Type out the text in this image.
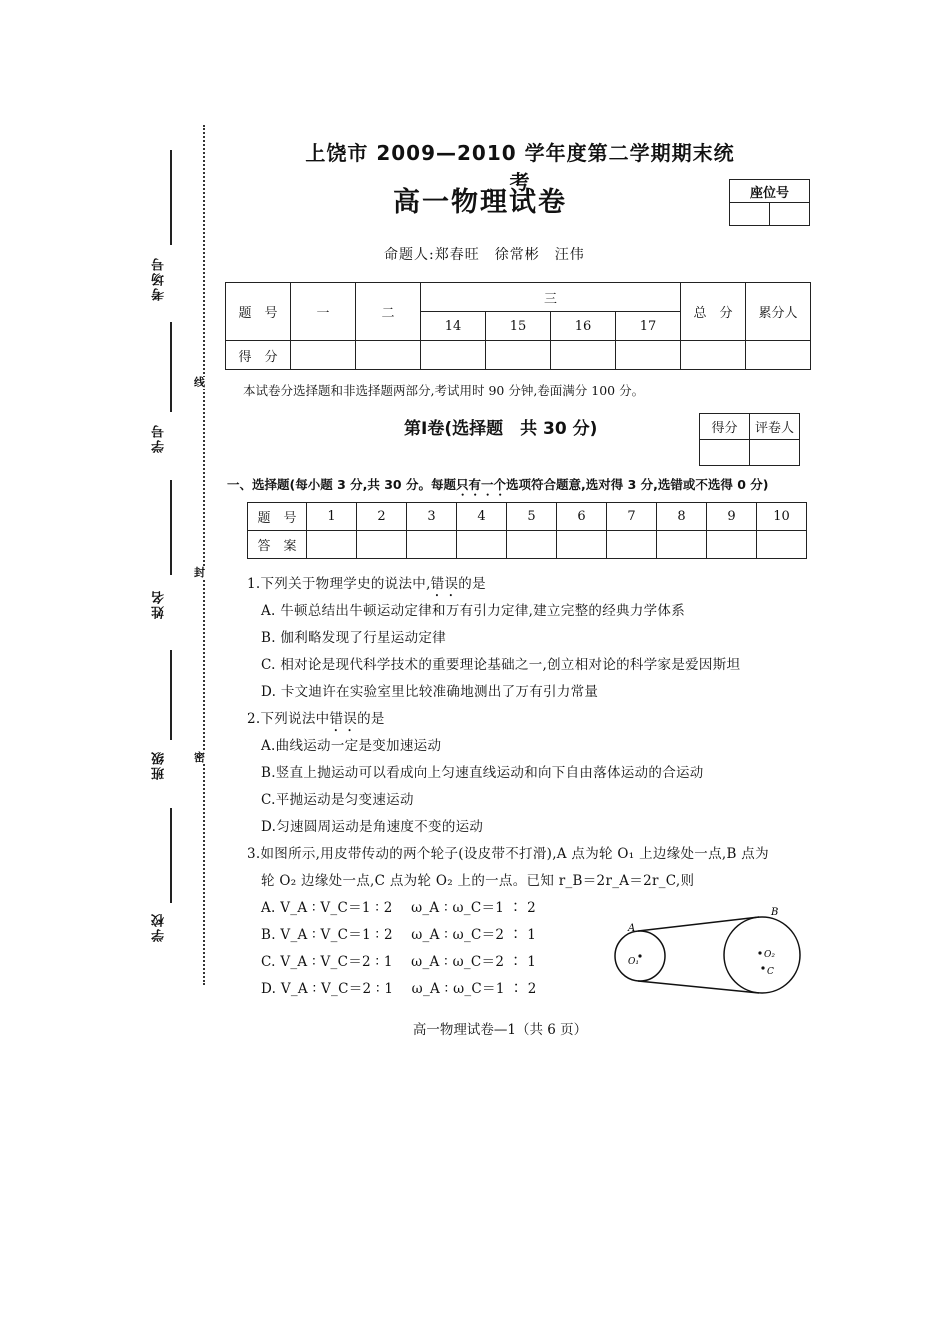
线
封
密
考场号
学号
姓名
班级
学校
上饶市 2009—2010 学年度第二学期期末统考
高一物理试卷	座位号

命题人:郑春旺　徐常彬　汪伟
题　号	一	二	三				总　分	累分人
			14	15	16	17		
得　分								
本试卷分选择题和非选择题两部分,考试用时 90 分钟,卷面满分 100 分。
第Ⅰ卷(选择题　共 30 分)	得分	评卷人

一、选择题(每小题 3 分,共 30 分。每题只有一个选项符合题意,选对得 3 分,选错或不选得 0 分)
题　号	1	2	3	4	5	6	7	8	9	10
答　案										
1.下列关于物理学史的说法中,错误的是
A. 牛顿总结出牛顿运动定律和万有引力定律,建立完整的经典力学体系
B. 伽利略发现了行星运动定律
C. 相对论是现代科学技术的重要理论基础之一,创立相对论的科学家是爱因斯坦
D. 卡文迪许在实验室里比较准确地测出了万有引力常量
2.下列说法中错误的是
A.曲线运动一定是变加速运动
B.竖直上抛运动可以看成向上匀速直线运动和向下自由落体运动的合运动
C.平抛运动是匀变速运动
D.匀速圆周运动是角速度不变的运动
3.如图所示,用皮带传动的两个轮子(设皮带不打滑),A 点为轮 O₁ 上边缘处一点,B 点为
轮 O₂ 边缘处一点,C 点为轮 O₂ 上的一点。已知 r_B＝2r_A＝2r_C,则
A. V_A ∶ V_C＝1 ∶ 2　 ω_A ∶ ω_C＝1 ∶ 2
B. V_A ∶ V_C＝1 ∶ 2　 ω_A ∶ ω_C＝2 ∶ 1
C. V_A ∶ V_C＝2 ∶ 1　 ω_A ∶ ω_C＝2 ∶ 1
D. V_A ∶ V_C＝2 ∶ 1　 ω_A ∶ ω_C＝1 ∶ 2
A
B
O₁
O₂
C
高一物理试卷—1（共 6 页）
